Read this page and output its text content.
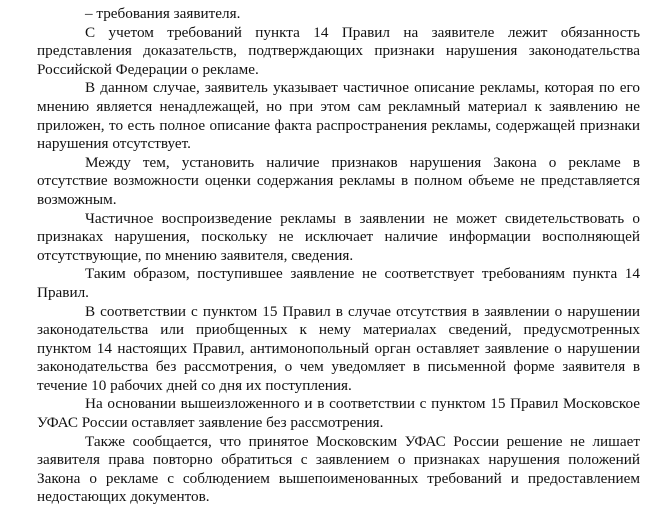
– требования заявителя.

С учетом требований пункта 14 Правил на заявителе лежит обязанность представления доказательств, подтверждающих признаки нарушения законодательства Российской Федерации о рекламе.

В данном случае, заявитель указывает частичное описание рекламы, которая по его мнению является ненадлежащей, но при этом сам рекламный материал к заявлению не приложен, то есть полное описание факта распространения рекламы, содержащей признаки нарушения отсутствует.

Между тем, установить наличие признаков нарушения Закона о рекламе в отсутствие возможности оценки содержания рекламы в полном объеме не представляется возможным.

Частичное воспроизведение рекламы в заявлении не может свидетельствовать о признаках нарушения, поскольку не исключает наличие информации восполняющей отсутствующие, по мнению заявителя, сведения.

Таким образом, поступившее заявление не соответствует требованиям пункта 14 Правил.

В соответствии с пунктом 15 Правил в случае отсутствия в заявлении о нарушении законодательства или приобщенных к нему материалах сведений, предусмотренных пунктом 14 настоящих Правил, антимонопольный орган оставляет заявление о нарушении законодательства без рассмотрения, о чем уведомляет в письменной форме заявителя в течение 10 рабочих дней со дня их поступления.

На основании вышеизложенного и в соответствии с пунктом 15 Правил Московское УФАС России оставляет заявление без рассмотрения.

Также сообщается, что принятое Московским УФАС России решение не лишает заявителя права повторно обратиться с заявлением о признаках нарушения положений Закона о рекламе с соблюдением вышепоименованных требований и предоставлением недостающих документов.
